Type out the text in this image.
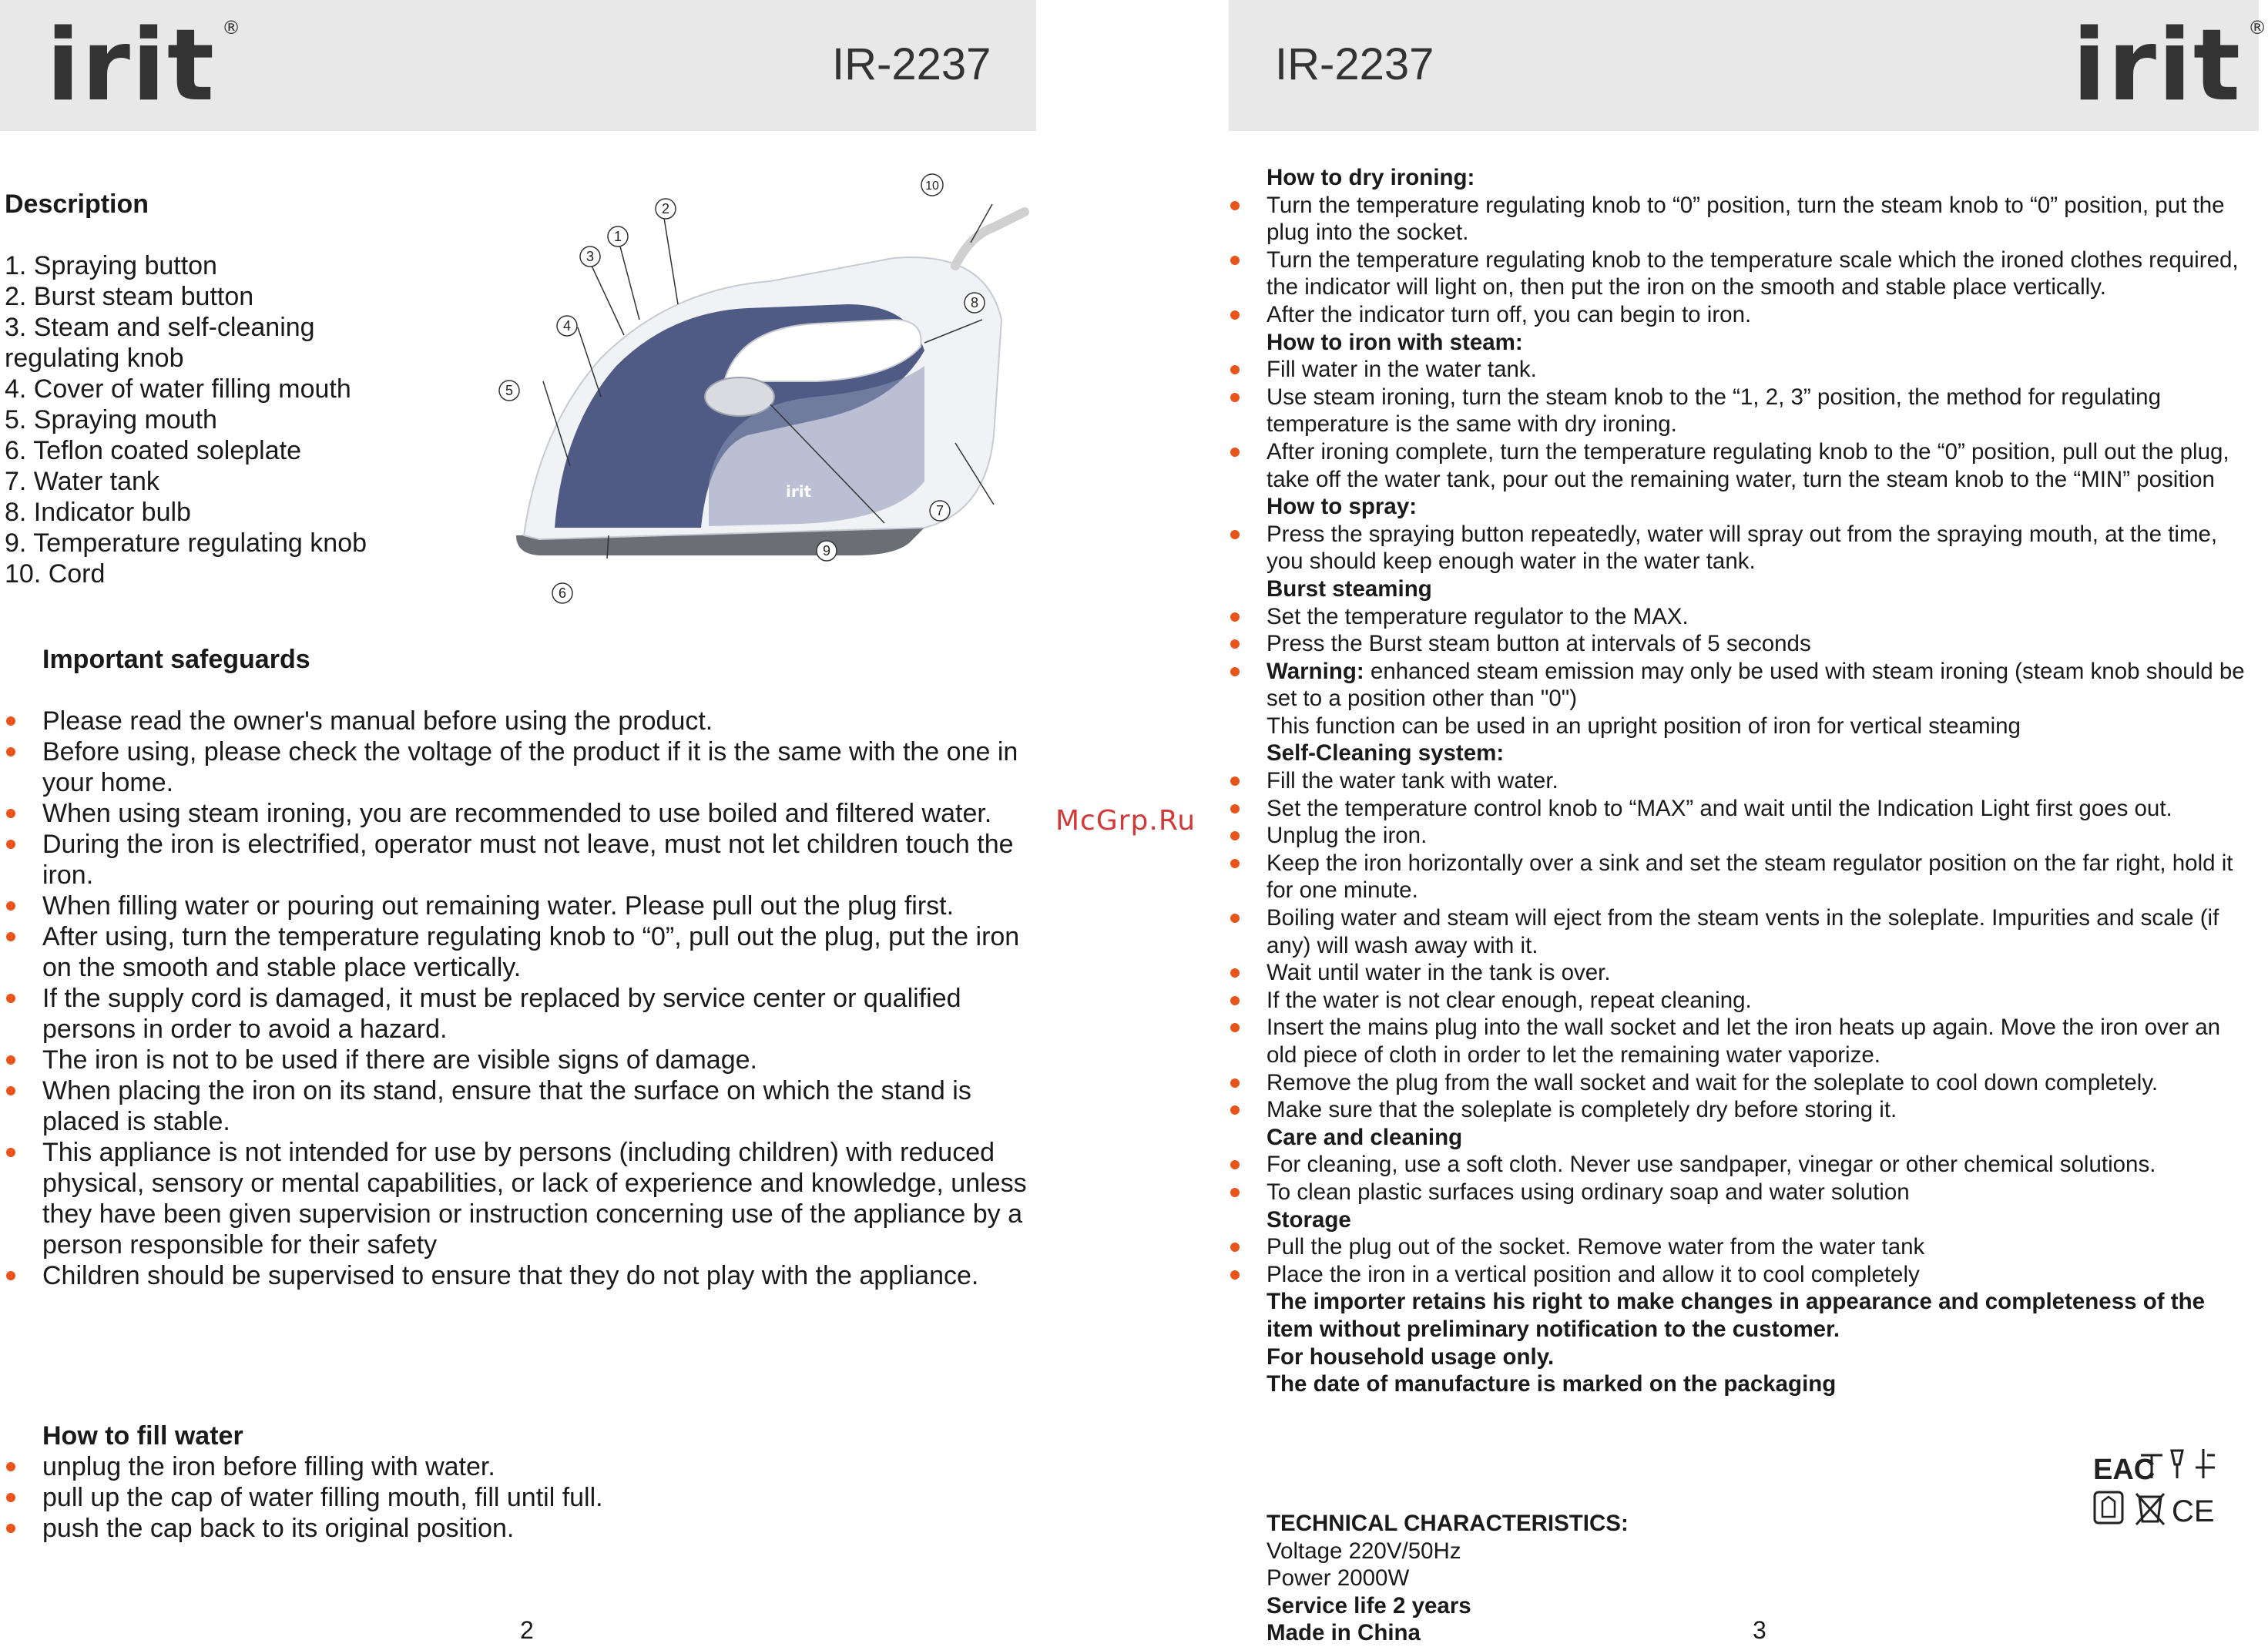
irit ®
IR-2237
Description
1. Spraying button
2. Burst steam button
3. Steam and self-cleaning regulating knob
4. Cover of water filling mouth
5. Spraying mouth
6. Teflon coated soleplate
7. Water tank
8. Indicator bulb
9. Temperature regulating knob
10. Cord
irit
1
2
3
4
5
6
7
8
9
10
Important safeguards
Please read the owner's manual before using the product.
Before using, please check the voltage of the product if it is the same with the one in your home.
When using steam ironing, you are recommended to use boiled and filtered water.
During the iron is electrified, operator must not leave, must not let children touch the iron.
When filling water or pouring out remaining water. Please pull out the plug first.
After using, turn the temperature regulating knob to “0”, pull out the plug, put the iron on the smooth and stable place vertically.
If the supply cord is damaged, it must be replaced by service center or qualified persons in order to avoid a hazard.
The iron is not to be used if there are visible signs of damage.
When placing the iron on its stand, ensure that the surface on which the stand is placed is stable.
This appliance is not intended for use by persons (including children) with reduced physical, sensory or mental capabilities, or lack of experience and knowledge, unless they have been given supervision or instruction concerning use of the appliance by a person responsible for their safety
Children should be supervised to ensure that they do not play with the appliance.
How to fill water
unplug the iron before filling with water.
pull up the cap of water filling mouth, fill until full.
push the cap back to its original position.
2
McGrp.Ru
IR-2237	irit ®
How to dry ironing:
Turn the temperature regulating knob to “0” position, turn the steam knob to “0” position, put the plug into the socket.
Turn the temperature regulating knob to the temperature scale which the ironed clothes required, the indicator will light on, then put the iron on the smooth and stable place vertically.
After the indicator turn off, you can begin to iron.
How to iron with steam:
Fill water in the water tank.
Use steam ironing, turn the steam knob to the “1, 2, 3” position, the method for regulating temperature is the same with dry ironing.
After ironing complete, turn the temperature regulating knob to the “0” position, pull out the plug, take off the water tank, pour out the remaining water, turn the steam knob to the “MIN” position
How to spray:
Press the spraying button repeatedly, water will spray out from the spraying mouth, at the time, you should keep enough water in the water tank.
Burst steaming
Set the temperature regulator to the MAX.
Press the Burst steam button at intervals of 5 seconds
Warning: enhanced steam emission may only be used with steam ironing (steam knob should be set to a position other than "0")
This function can be used in an upright position of iron for vertical steaming
Self-Cleaning system:
Fill the water tank with water.
Set the temperature control knob to “MAX” and wait until the Indication Light first goes out.
Unplug the iron.
Keep the iron horizontally over a sink and set the steam regulator position on the far right, hold it for one minute.
Boiling water and steam will eject from the steam vents in the soleplate. Impurities and scale (if any) will wash away with it.
Wait until water in the tank is over.
If the water is not clear enough, repeat cleaning.
Insert the mains plug into the wall socket and let the iron heats up again. Move the iron over an old piece of cloth in order to let the remaining water vaporize.
Remove the plug from the wall socket and wait for the soleplate to cool down completely.
Make sure that the soleplate is completely dry before storing it.
Care and cleaning
For cleaning, use a soft cloth. Never use sandpaper, vinegar or other chemical solutions.
To clean plastic surfaces using ordinary soap and water solution
Storage
Pull the plug out of the socket. Remove water from the water tank
Place the iron in a vertical position and allow it to cool completely
The importer retains his right to make changes in appearance and completeness of the item without preliminary notification to the customer.
For household usage only.
The date of manufacture is marked on the packaging
EAC
CE
TECHNICAL CHARACTERISTICS:
Voltage 220V/50Hz
Power 2000W
Service life 2 years
Made in China	3
